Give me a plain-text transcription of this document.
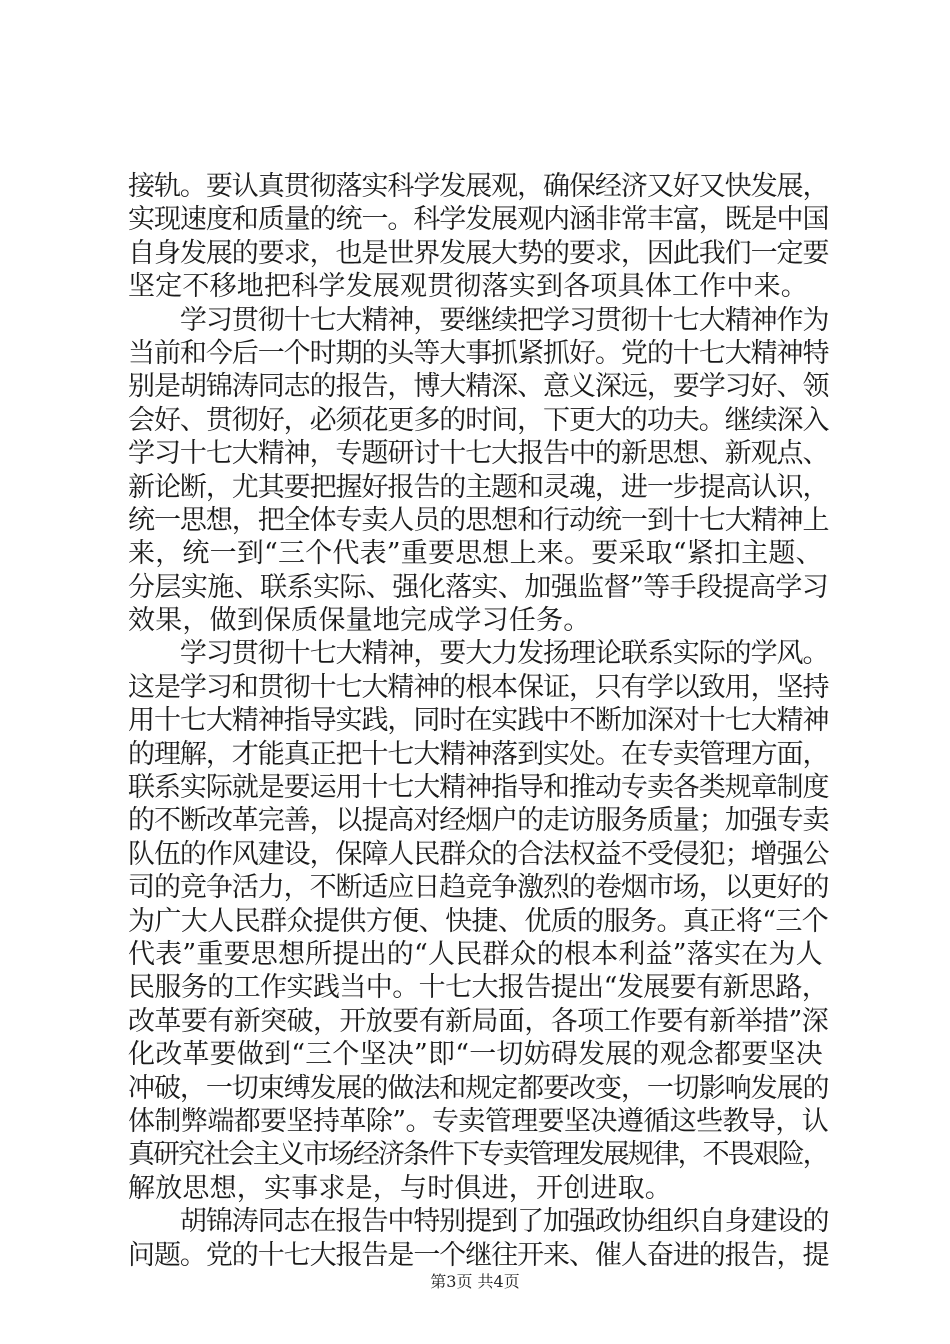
接轨。要认真贯彻落实科学发展观，确保经济又好又快发展，
实现速度和质量的统一。科学发展观内涵非常丰富，既是中国
自身发展的要求，也是世界发展大势的要求，因此我们一定要
坚定不移地把科学发展观贯彻落实到各项具体工作中来。
　　学习贯彻十七大精神，要继续把学习贯彻十七大精神作为
当前和今后一个时期的头等大事抓紧抓好。党的十七大精神特
别是胡锦涛同志的报告，博大精深、意义深远，要学习好、领
会好、贯彻好，必须花更多的时间，下更大的功夫。继续深入
学习十七大精神，专题研讨十七大报告中的新思想、新观点、
新论断，尤其要把握好报告的主题和灵魂，进一步提高认识，
统一思想，把全体专卖人员的思想和行动统一到十七大精神上
来，统一到“三个代表”重要思想上来。要采取“紧扣主题、
分层实施、联系实际、强化落实、加强监督”等手段提高学习
效果，做到保质保量地完成学习任务。
　　学习贯彻十七大精神，要大力发扬理论联系实际的学风。
这是学习和贯彻十七大精神的根本保证，只有学以致用，坚持
用十七大精神指导实践，同时在实践中不断加深对十七大精神
的理解，才能真正把十七大精神落到实处。在专卖管理方面，
联系实际就是要运用十七大精神指导和推动专卖各类规章制度
的不断改革完善，以提高对经烟户的走访服务质量；加强专卖
队伍的作风建设，保障人民群众的合法权益不受侵犯；增强公
司的竞争活力，不断适应日趋竞争激烈的卷烟市场，以更好的
为广大人民群众提供方便、快捷、优质的服务。真正将“三个
代表”重要思想所提出的“人民群众的根本利益”落实在为人
民服务的工作实践当中。十七大报告提出“发展要有新思路，
改革要有新突破，开放要有新局面，各项工作要有新举措”深
化改革要做到“三个坚决”即“一切妨碍发展的观念都要坚决
冲破，一切束缚发展的做法和规定都要改变，一切影响发展的
体制弊端都要坚持革除”。专卖管理要坚决遵循这些教导，认
真研究社会主义市场经济条件下专卖管理发展规律，不畏艰险，
解放思想，实事求是，与时俱进，开创进取。
　　胡锦涛同志在报告中特别提到了加强政协组织自身建设的
问题。党的十七大报告是一个继往开来、催人奋进的报告，提
第3页 共4页
